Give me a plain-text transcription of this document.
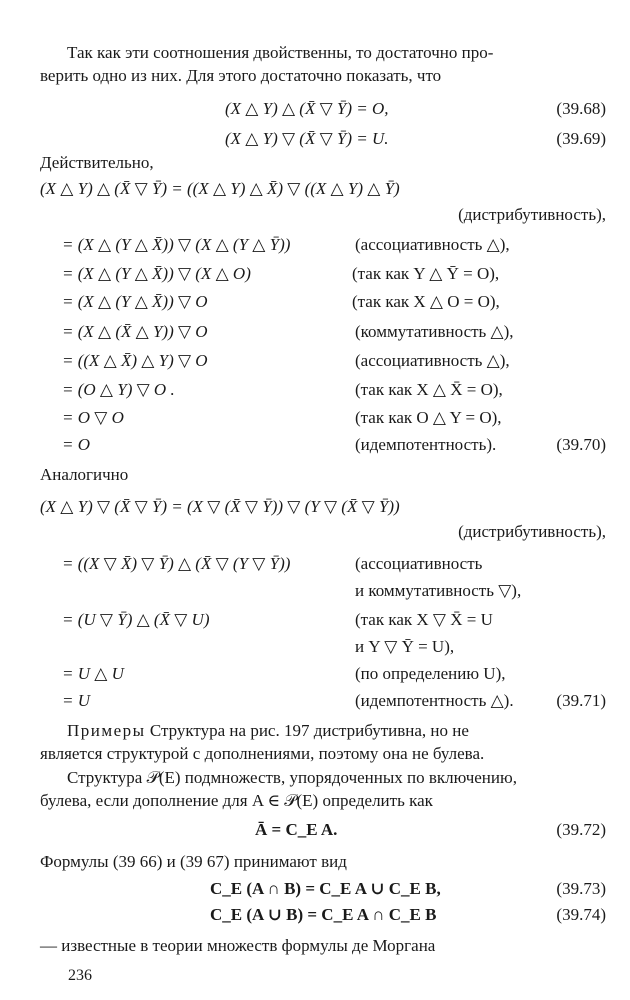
Так как эти соотношения двойственны, то достаточно про-
верить одно из них. Для этого достаточно показать, что
(X △ Y) △ (X̄ ▽ Ȳ) = O,	(39.68)
(X △ Y) ▽ (X̄ ▽ Ȳ) = U.	(39.69)
Действительно,
(X △ Y) △ (X̄ ▽ Ȳ) = ((X △ Y) △ X̄) ▽ ((X △ Y) △ Ȳ)
(дистрибутивность),
= (X △ (Y △ X̄)) ▽ (X △ (Y △ Ȳ))	(ассоциативность △),
= (X △ (Y △ X̄)) ▽ (X △ O)	(так как Y △ Ȳ = O),
= (X △ (Y △ X̄)) ▽ O	(так как X △ O = O),
= (X △ (X̄ △ Y)) ▽ O	(коммутативность △),
= ((X △ X̄) △ Y) ▽ O	(ассоциативность △),
= (O △ Y) ▽ O .	(так как X △ X̄ = O),
= O ▽ O	(так как O △ Y = O),
= O	(идемпотентность).	(39.70)
Аналогично
(X △ Y) ▽ (X̄ ▽ Ȳ) = (X ▽ (X̄ ▽ Ȳ)) ▽ (Y ▽ (X̄ ▽ Ȳ))
(дистрибутивность),
= ((X ▽ X̄) ▽ Ȳ) △ (X̄ ▽ (Y ▽ Ȳ))	(ассоциативность
и коммутативность ▽),
= (U ▽ Ȳ) △ (X̄ ▽ U)	(так как X ▽ X̄ = U
и Y ▽ Ȳ = U),
= U △ U	(по определению U),
= U	(идемпотентность △).	(39.71)
Примеры Структура на рис. 197 дистрибутивна, но не
является структурой с дополнениями, поэтому она не булева.
Структура 𝒫(E) подмножеств, упорядоченных по включению,
булева, если дополнение для A ∈ 𝒫(E) определить как
Ā = C_E A.	(39.72)
Формулы (39 66) и (39 67) принимают вид
C_E (A ∩ B) = C_E A ∪ C_E B,	(39.73)
C_E (A ∪ B) = C_E A ∩ C_E B	(39.74)
— известные в теории множеств формулы де Моргана
236
